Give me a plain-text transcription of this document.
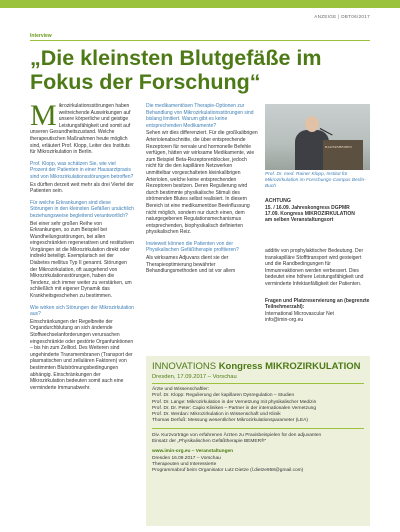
ANZEIGE | DBT06/2017
Interview
„Die kleinsten Blutgefäße im Fokus der Forschung“

Mikrozirkulationsstörungen haben weitreichende Auswirkungen auf unsere körperliche und geistige Leistungsfähigkeit und somit auf unseren Gesundheitszustand. Welche therapeutischen Maßnahmen heute möglich sind, erläutert Prof. Klopp, Leiter des Instituts für Mikrozirkulation in Berlin.

Prof. Klopp, was schätzen Sie, wie viel Prozent der Patienten in einer Hausarztpraxis sind von Mikrozirkulationsstörungen betroffen?

Es dürften derzeit weit mehr als drei Viertel der Patienten sein.

Für welche Erkrankungen sind diese Störungen in den kleinsten Gefäßen ursächlich beziehungsweise begleitend verantwortlich?

Bei einer sehr großen Reihe von Erkrankungen, so zum Beispiel bei Wundheilungsstörungen, bei allen eingeschränkten regenerativen und restitutiven Vorgängen ist die Mikrozirkulation direkt oder indirekt beteiligt. Exemplarisch sei der Diabetes mellitus Typ II genannt. Störungen der Mikrozirkulation, oft ausgehend von Mikrozirkulationsstörungen, haben die Tendenz, sich immer weiter zu verstärken, um schließlich mit eigener Dynamik das Krankheitsgeschehen zu bestimmen.

Wie wirken sich Störungen der Mikrozirkulation aus?

Einschränkungen der Regelbreite der Organdurchblutung an sich ändernde Stoffwechselanforderungen verursachen eingeschränkte oder gestörte Organfunktionen – bis hin zum Zelltod. Des Weiteren sind ungehinderte Transmembranen (Transport der plasmatischen und zellulären Faktoren) von bestimmten Blutströmungsbedingungen abhängig. Einschränkungen der Mikrozirkulation bedeuten somit auch eine verminderte Immunabwehr.

Die medikamentösen Therapie-Optionen zur Behandlung von Mikrozirkulationsstörungen sind bislang limitiert. Warum gibt es keine entsprechenden Medikamente?

Sehen wir dies differenziert. Für die großkalibrigen Arteriolenabschnitte, die über entsprechende Rezeptoren für nervale und hormonelle Befehle verfügen, hätten wir wirksame Medikamente, wie zum Beispiel Beta-Rezeptorenblocker, jedoch nicht für die den kapillären Netzwerken unmittelbar vorgeschalteten kleinkalibrigen Arteriolen, welche keine entsprechenden Rezeptoren besitzen. Deren Regulierung wird durch bestimmte physikalische Stimuli des strömenden Blutes selbst realisiert. In diesem Bereich ist eine medikamentöse Beeinflussung nicht möglich, sondern nur durch einen, dem naturgegebenen Regulationsmechanismus entsprechenden, biophysikalisch definierten physikalischen Reiz.

Inwieweit können die Patienten von der Physikalischen Gefäßtherapie profitieren?

Als wirksames Adjuvans dient sie der Therapieoptimierung bewährter Behandlungsmethoden und ist vor allem

BAUERSHEIDEN
Prof. Dr. med. Rainer Klopp, Institut für Mikrozirkulation im Forschungs-Campus Berlin-Buch
ACHTUNG
15. / 16.09. Jahreskongress DGPMR
17.09. Kongress MIKROZIRKULATION
am selben Veranstaltungsort

additiv von prophylaktischer Bedeutung. Der transkapilläre Stoffttransport wird gesteigert und die Randbedingungen für Immunreaktionen werden verbessert. Dies bedeutet eine höhere Leistungsfähigkeit und verminderte Infektanfälligkeit der Patienten.

Fragen und Platzreservierung an (begrenzte Teilnehmerzahl):

International Microvascular Net

info@imin-org.eu

INNOVATIONS Kongress MIKROZIRKULATION
Dresden, 17.09.2017 – Vorschau
Ärzte und Wissenschaftler:
Prof. Dr. Klopp: Regulierung der kapillaren Dysregulation – Studien
Prof. Dr. Lange: Mikrozirkulation in der Vernetzung mit physikalischer Medizin
Prof. Dr. Dr. Peter: Capio Kliniken – Partner in der internationalen Vernetzung
Prof. Dr. Werdan: Mikrozirkulation in Wissenschaft und Klinik
Thomas Derfuß: Messung wesentlicher Mikrozirkulationsparameter (LEA)
Div. Kurzvorträge von erfahrenen Ärzten zu Praxisbeispielen für den adjuvanten
Einsatz der „Physikalischen Gefäßtherapie BEMER®“
www.imin-org.eu – Veranstaltungen
Dresden 16.09.2017 – Vorschau
Therapeuten und Interessierte
Programmabruf beim Organisator Lutz Dietze (l.dietze958@gmail.com)
